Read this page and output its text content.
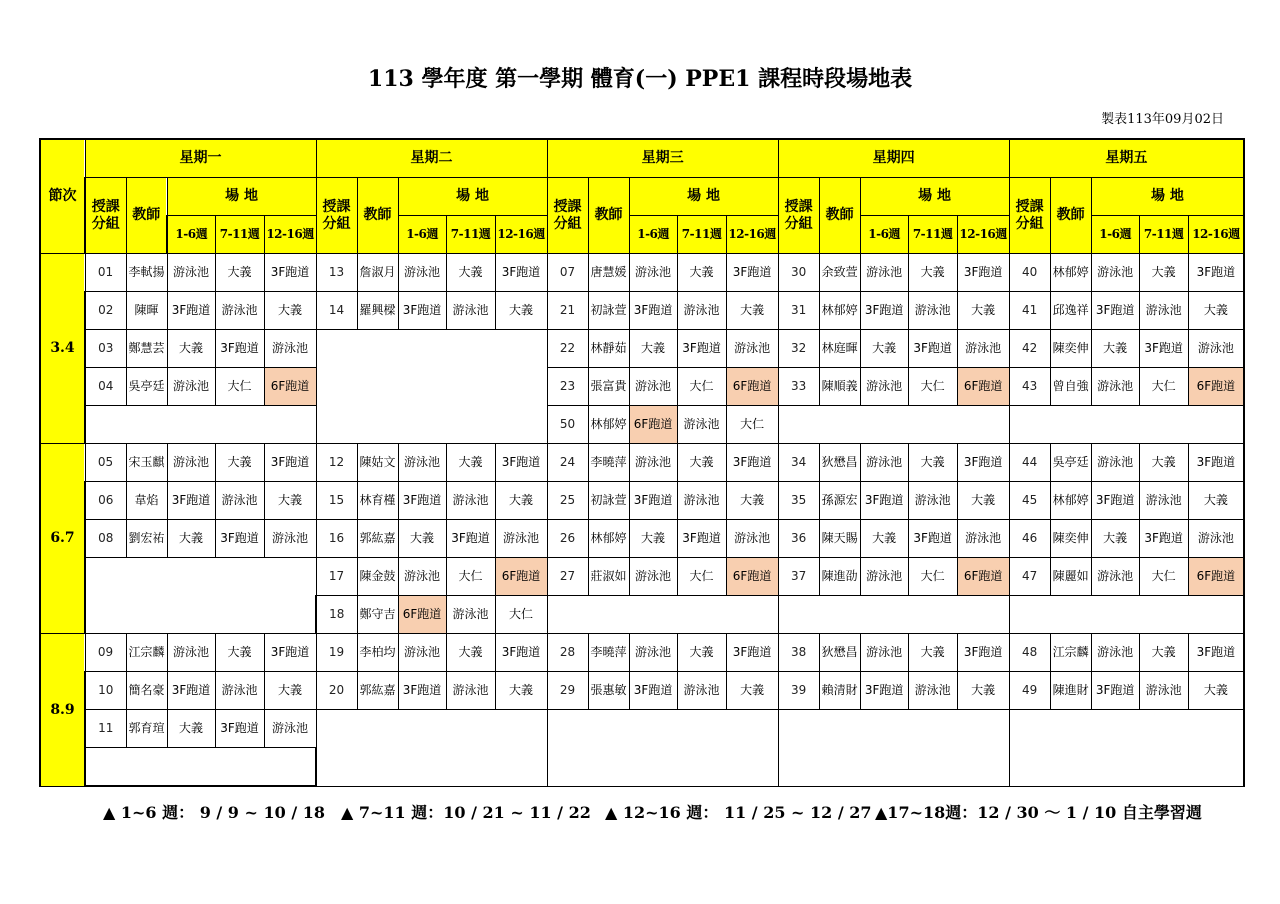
113 學年度 第一學期 體育(一) PPE1 課程時段場地表
製表113年09月02日
節次	星期一					星期二					星期三					星期四					星期五				
	授課分組	教師	場 地			授課分組	教師	場 地			授課分組	教師	場 地			授課分組	教師	場 地			授課分組	教師	場 地		
			1-6週	7-11週	12-16週			1-6週	7-11週	12-16週			1-6週	7-11週	12-16週			1-6週	7-11週	12-16週			1-6週	7-11週	12-16週
3.4	01	李軾揚	游泳池	大義	3F跑道	13	詹淑月	游泳池	大義	3F跑道	07	唐慧媛	游泳池	大義	3F跑道	30	余致萱	游泳池	大義	3F跑道	40	林郁婷	游泳池	大義	3F跑道
	02	陳暉	3F跑道	游泳池	大義	14	羅興樑	3F跑道	游泳池	大義	21	初詠萱	3F跑道	游泳池	大義	31	林郁婷	3F跑道	游泳池	大義	41	邱逸祥	3F跑道	游泳池	大義
	03	鄭慧芸	大義	3F跑道	游泳池						22	林靜茹	大義	3F跑道	游泳池	32	林庭暉	大義	3F跑道	游泳池	42	陳奕伸	大義	3F跑道	游泳池
	04	吳亭廷	游泳池	大仁	6F跑道						23	張富貴	游泳池	大仁	6F跑道	33	陳順義	游泳池	大仁	6F跑道	43	曾自強	游泳池	大仁	6F跑道
											50	林郁婷	6F跑道	游泳池	大仁										
6.7	05	宋玉麒	游泳池	大義	3F跑道	12	陳姑文	游泳池	大義	3F跑道	24	李曉萍	游泳池	大義	3F跑道	34	狄懋昌	游泳池	大義	3F跑道	44	吳亭廷	游泳池	大義	3F跑道
	06	韋焰	3F跑道	游泳池	大義	15	林育槿	3F跑道	游泳池	大義	25	初詠萱	3F跑道	游泳池	大義	35	孫源宏	3F跑道	游泳池	大義	45	林郁婷	3F跑道	游泳池	大義
	08	劉宏祐	大義	3F跑道	游泳池	16	郭紘嘉	大義	3F跑道	游泳池	26	林郁婷	大義	3F跑道	游泳池	36	陳天賜	大義	3F跑道	游泳池	46	陳奕伸	大義	3F跑道	游泳池
						17	陳金鼓	游泳池	大仁	6F跑道	27	莊淑如	游泳池	大仁	6F跑道	37	陳進劭	游泳池	大仁	6F跑道	47	陳麗如	游泳池	大仁	6F跑道
						18	鄭守吉	6F跑道	游泳池	大仁															
8.9	09	江宗麟	游泳池	大義	3F跑道	19	李柏均	游泳池	大義	3F跑道	28	李曉萍	游泳池	大義	3F跑道	38	狄懋昌	游泳池	大義	3F跑道	48	江宗麟	游泳池	大義	3F跑道
	10	簡名豪	3F跑道	游泳池	大義	20	郭紘嘉	3F跑道	游泳池	大義	29	張惠敏	3F跑道	游泳池	大義	39	賴清財	3F跑道	游泳池	大義	49	陳進財	3F跑道	游泳池	大義
	11	郭育瑄	大義	3F跑道	游泳池																				

▲ 1~6 週： 9 / 9 ~ 10 / 18 ▲ 7~11 週：10 / 21 ~ 11 / 22 ▲ 12~16 週： 11 / 25 ~ 12 / 27 ▲17~18週：12 / 30 ～ 1 / 10 自主學習週
